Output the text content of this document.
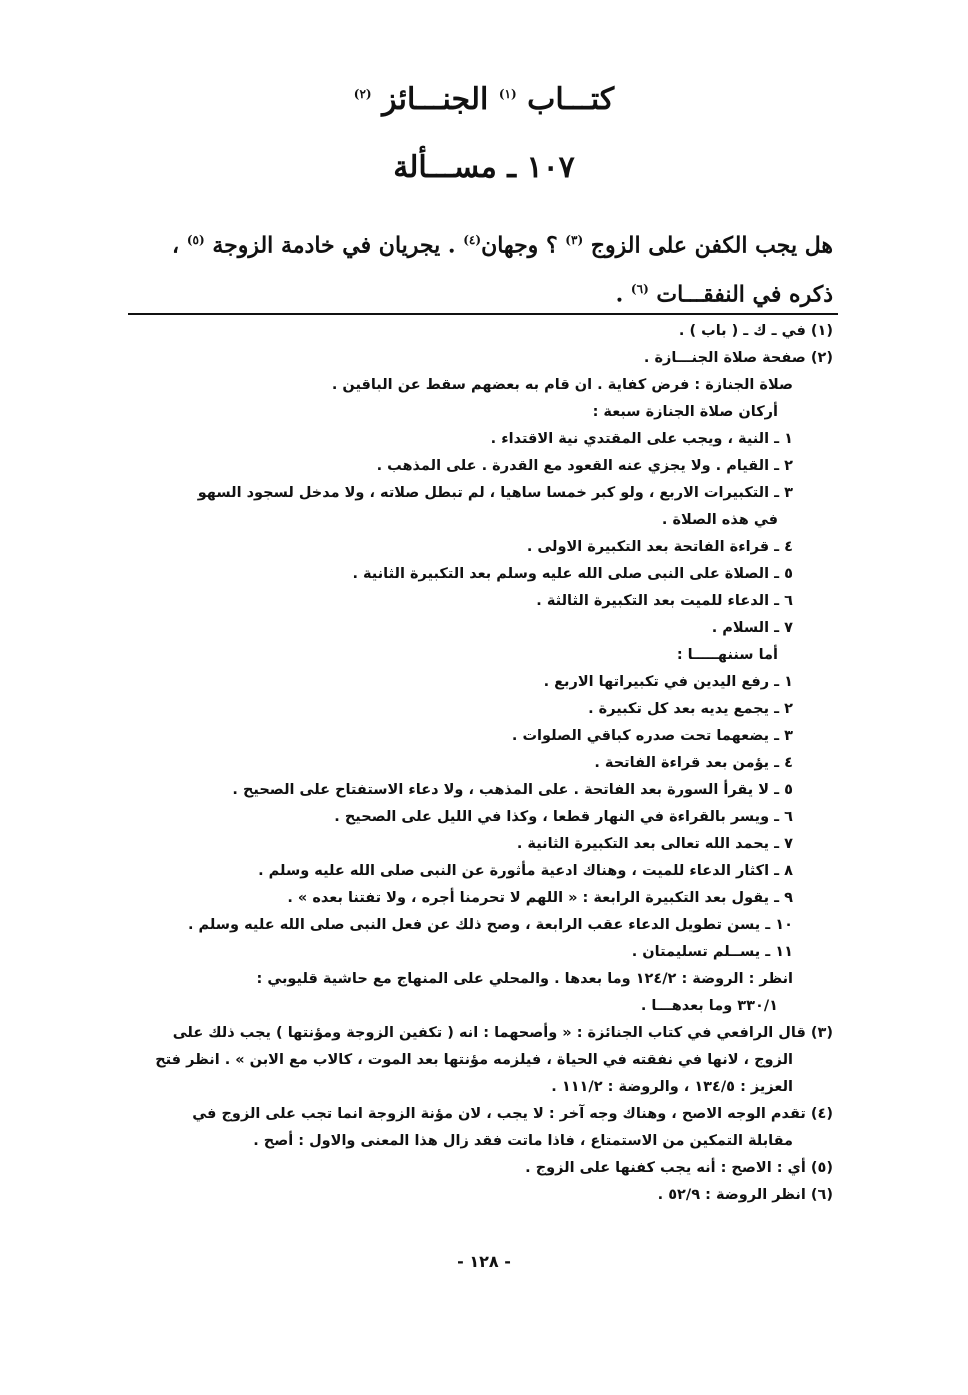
كتـــاب $^{(١)}$ الجنـــائز $^{(٢)}$
١٠٧ ـ مســـألة
هل يجب الكفن على الزوج $^{(٣)}$ ؟ وجهان$^{(٤)}$ . يجريان في خادمة الزوجة $^{(٥)}$ ، ذكره في النفقـــات $^{(٦)}$ .
(١) في ـ ك ـ ( باب ) .
(٢) صفحة صلاة الجنـــازة .
صلاة الجنازة : فرض كفاية . ان قام به بعضهم سقط عن الباقين .
أركان صلاة الجنازة سبعة :
١ ـ النية ، ويجب على المقتدي نية الاقتداء .
٢ ـ القيام . ولا يجزي عنه القعود مع القدرة . على المذهب .
٣ ـ التكبيرات الاربع ، ولو كبر خمسا ساهيا ، لم تبطل صلاته ، ولا مدخل لسجود السهو
في هذه الصلاة .
٤ ـ قراءة الفاتحة بعد التكبيرة الاولى .
٥ ـ الصلاة على النبى صلى الله عليه وسلم بعد التكبيرة الثانية .
٦ ـ الدعاء للميت بعد التكبيرة الثالثة .
٧ ـ السلام .
أما سننهـــــا :
١ ـ رفع اليدين في تكبيراتها الاربع .
٢ ـ يجمع يديه بعد كل تكبيرة .
٣ ـ يضعهما تحت صدره كباقي الصلوات .
٤ ـ يؤمن بعد قراءة الفاتحة .
٥ ـ لا يقرأ السورة بعد الفاتحة . على المذهب ، ولا دعاء الاستفتاح على الصحيح .
٦ ـ ويسر بالقراءة في النهار قطعا ، وكذا في الليل على الصحيح .
٧ ـ يحمد الله تعالى بعد التكبيرة الثانية .
٨ ـ اكثار الدعاء للميت ، وهناك ادعية مأثورة عن النبى صلى الله عليه وسلم .
٩ ـ يقول بعد التكبيرة الرابعة : « اللهم لا تحرمنا أجره ، ولا تفتنا بعده » .
١٠ ـ يسن تطويل الدعاء عقب الرابعة ، وصح ذلك عن فعل النبى صلى الله عليه وسلم .
١١ ـ يســلم تسليمتان .
انظر : الروضة : ١٢٤/٢ وما بعدها . والمحلي على المنهاج مع حاشية قليوبي :
٣٣٠/١ وما بعدهـــا .
(٣) قال الرافعي في كتاب الجنائزة : « وأصحهما : انه ( تكفين الزوجة ومؤنتها ) يجب ذلك على
الزوج ، لانها في نفقته في الحياة ، فيلزمه مؤنتها بعد الموت ، كالاب مع الابن » . انظر فتح
العزيز : ١٣٤/٥ ، والروضة : ١١١/٢ .
(٤) تقدم الوجه الاصح ، وهناك وجه آخر : لا يجب ، لان مؤنة الزوجة انما تجب على الزوج في
مقابلة التمكين من الاستمتاع ، فاذا ماتت فقد زال هذا المعنى والاول : أصح .
(٥) أي : الاصح : أنه يجب كفنها على الزوج .
(٦) انظر الروضة : ٥٢/٩ .
- ١٢٨ -
